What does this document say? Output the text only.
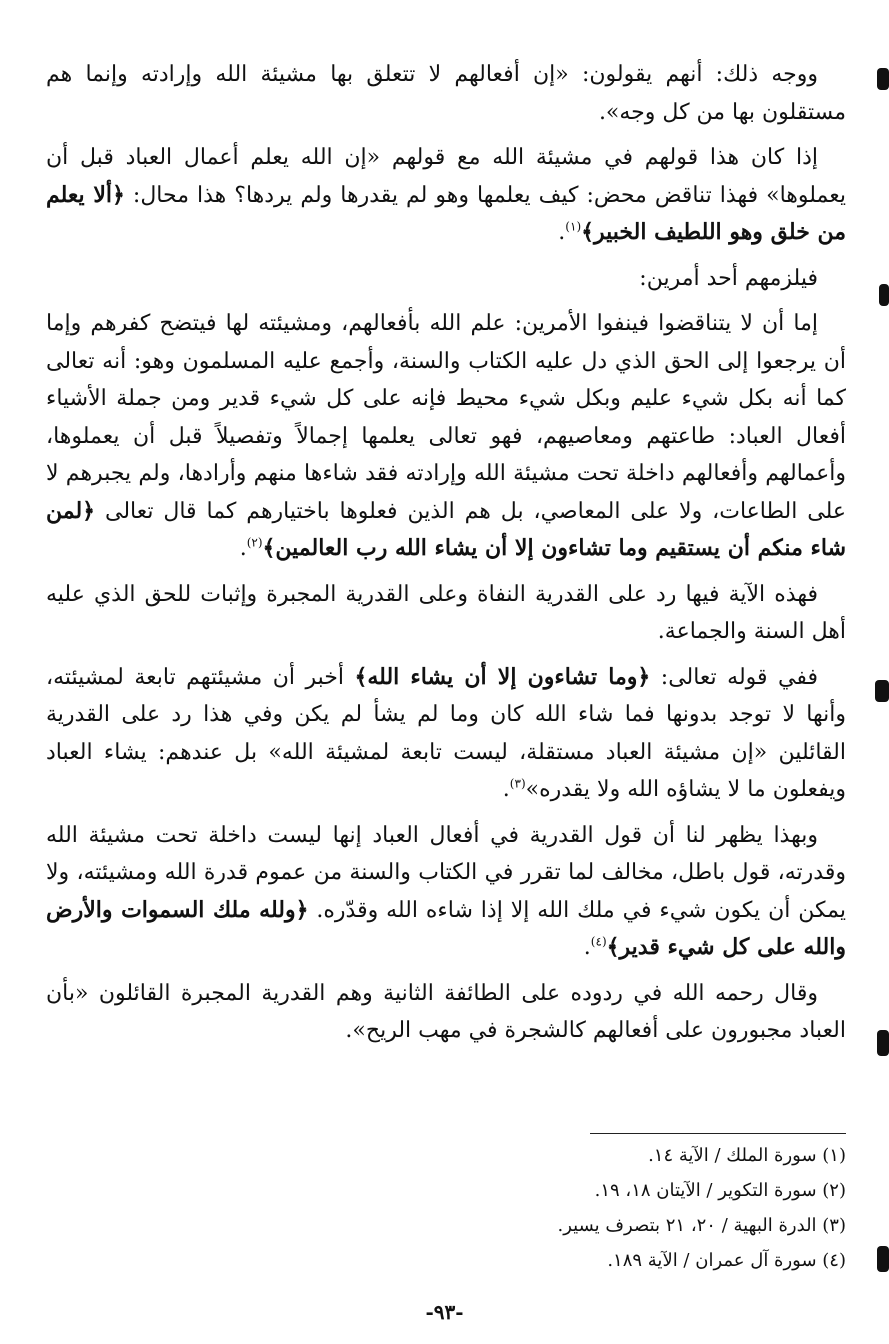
ووجه ذلك: أنهم يقولون: «إن أفعالهم لا تتعلق بها مشيئة الله وإرادته وإنما هم مستقلون بها من كل وجه».

إذا كان هذا قولهم في مشيئة الله مع قولهم «إن الله يعلم أعمال العباد قبل أن يعملوها» فهذا تناقض محض: كيف يعلمها وهو لم يقدرها ولم يردها؟ هذا محال: ﴿ألا يعلم من خلق وهو اللطيف الخبير﴾$^{(١)}$.

فيلزمهم أحد أمرين:

إما أن لا يتناقضوا فينفوا الأمرين: علم الله بأفعالهم، ومشيئته لها فيتضح كفرهم وإما أن يرجعوا إلى الحق الذي دل عليه الكتاب والسنة، وأجمع عليه المسلمون وهو: أنه تعالى كما أنه بكل شيء عليم وبكل شيء محيط فإنه على كل شيء قدير ومن جملة الأشياء أفعال العباد: طاعتهم ومعاصيهم، فهو تعالى يعلمها إجمالاً وتفصيلاً قبل أن يعملوها، وأعمالهم وأفعالهم داخلة تحت مشيئة الله وإرادته فقد شاءها منهم وأرادها، ولم يجبرهم لا على الطاعات، ولا على المعاصي، بل هم الذين فعلوها باختيارهم كما قال تعالى ﴿لمن شاء منكم أن يستقيم وما تشاءون إلا أن يشاء الله رب العالمين﴾$^{(٢)}$.

فهذه الآية فيها رد على القدرية النفاة وعلى القدرية المجبرة وإثبات للحق الذي عليه أهل السنة والجماعة.

ففي قوله تعالى: ﴿وما تشاءون إلا أن يشاء الله﴾ أخبر أن مشيئتهم تابعة لمشيئته، وأنها لا توجد بدونها فما شاء الله كان وما لم يشأ لم يكن وفي هذا رد على القدرية القائلين «إن مشيئة العباد مستقلة، ليست تابعة لمشيئة الله» بل عندهم: يشاء العباد ويفعلون ما لا يشاؤه الله ولا يقدره»$^{(٣)}$.

وبهذا يظهر لنا أن قول القدرية في أفعال العباد إنها ليست داخلة تحت مشيئة الله وقدرته، قول باطل، مخالف لما تقرر في الكتاب والسنة من عموم قدرة الله ومشيئته، ولا يمكن أن يكون شيء في ملك الله إلا إذا شاءه الله وقدّره. ﴿ولله ملك السموات والأرض والله على كل شيء قدير﴾$^{(٤)}$.

وقال رحمه الله في ردوده على الطائفة الثانية وهم القدرية المجبرة القائلون «بأن العباد مجبورون على أفعالهم كالشجرة في مهب الريح».

(١) سورة الملك / الآية ١٤.
(٢) سورة التكوير / الآيتان ١٨، ١٩.
(٣) الدرة البهية / ٢٠، ٢١ بتصرف يسير.
(٤) سورة آل عمران / الآية ١٨٩.
-٩٣-
